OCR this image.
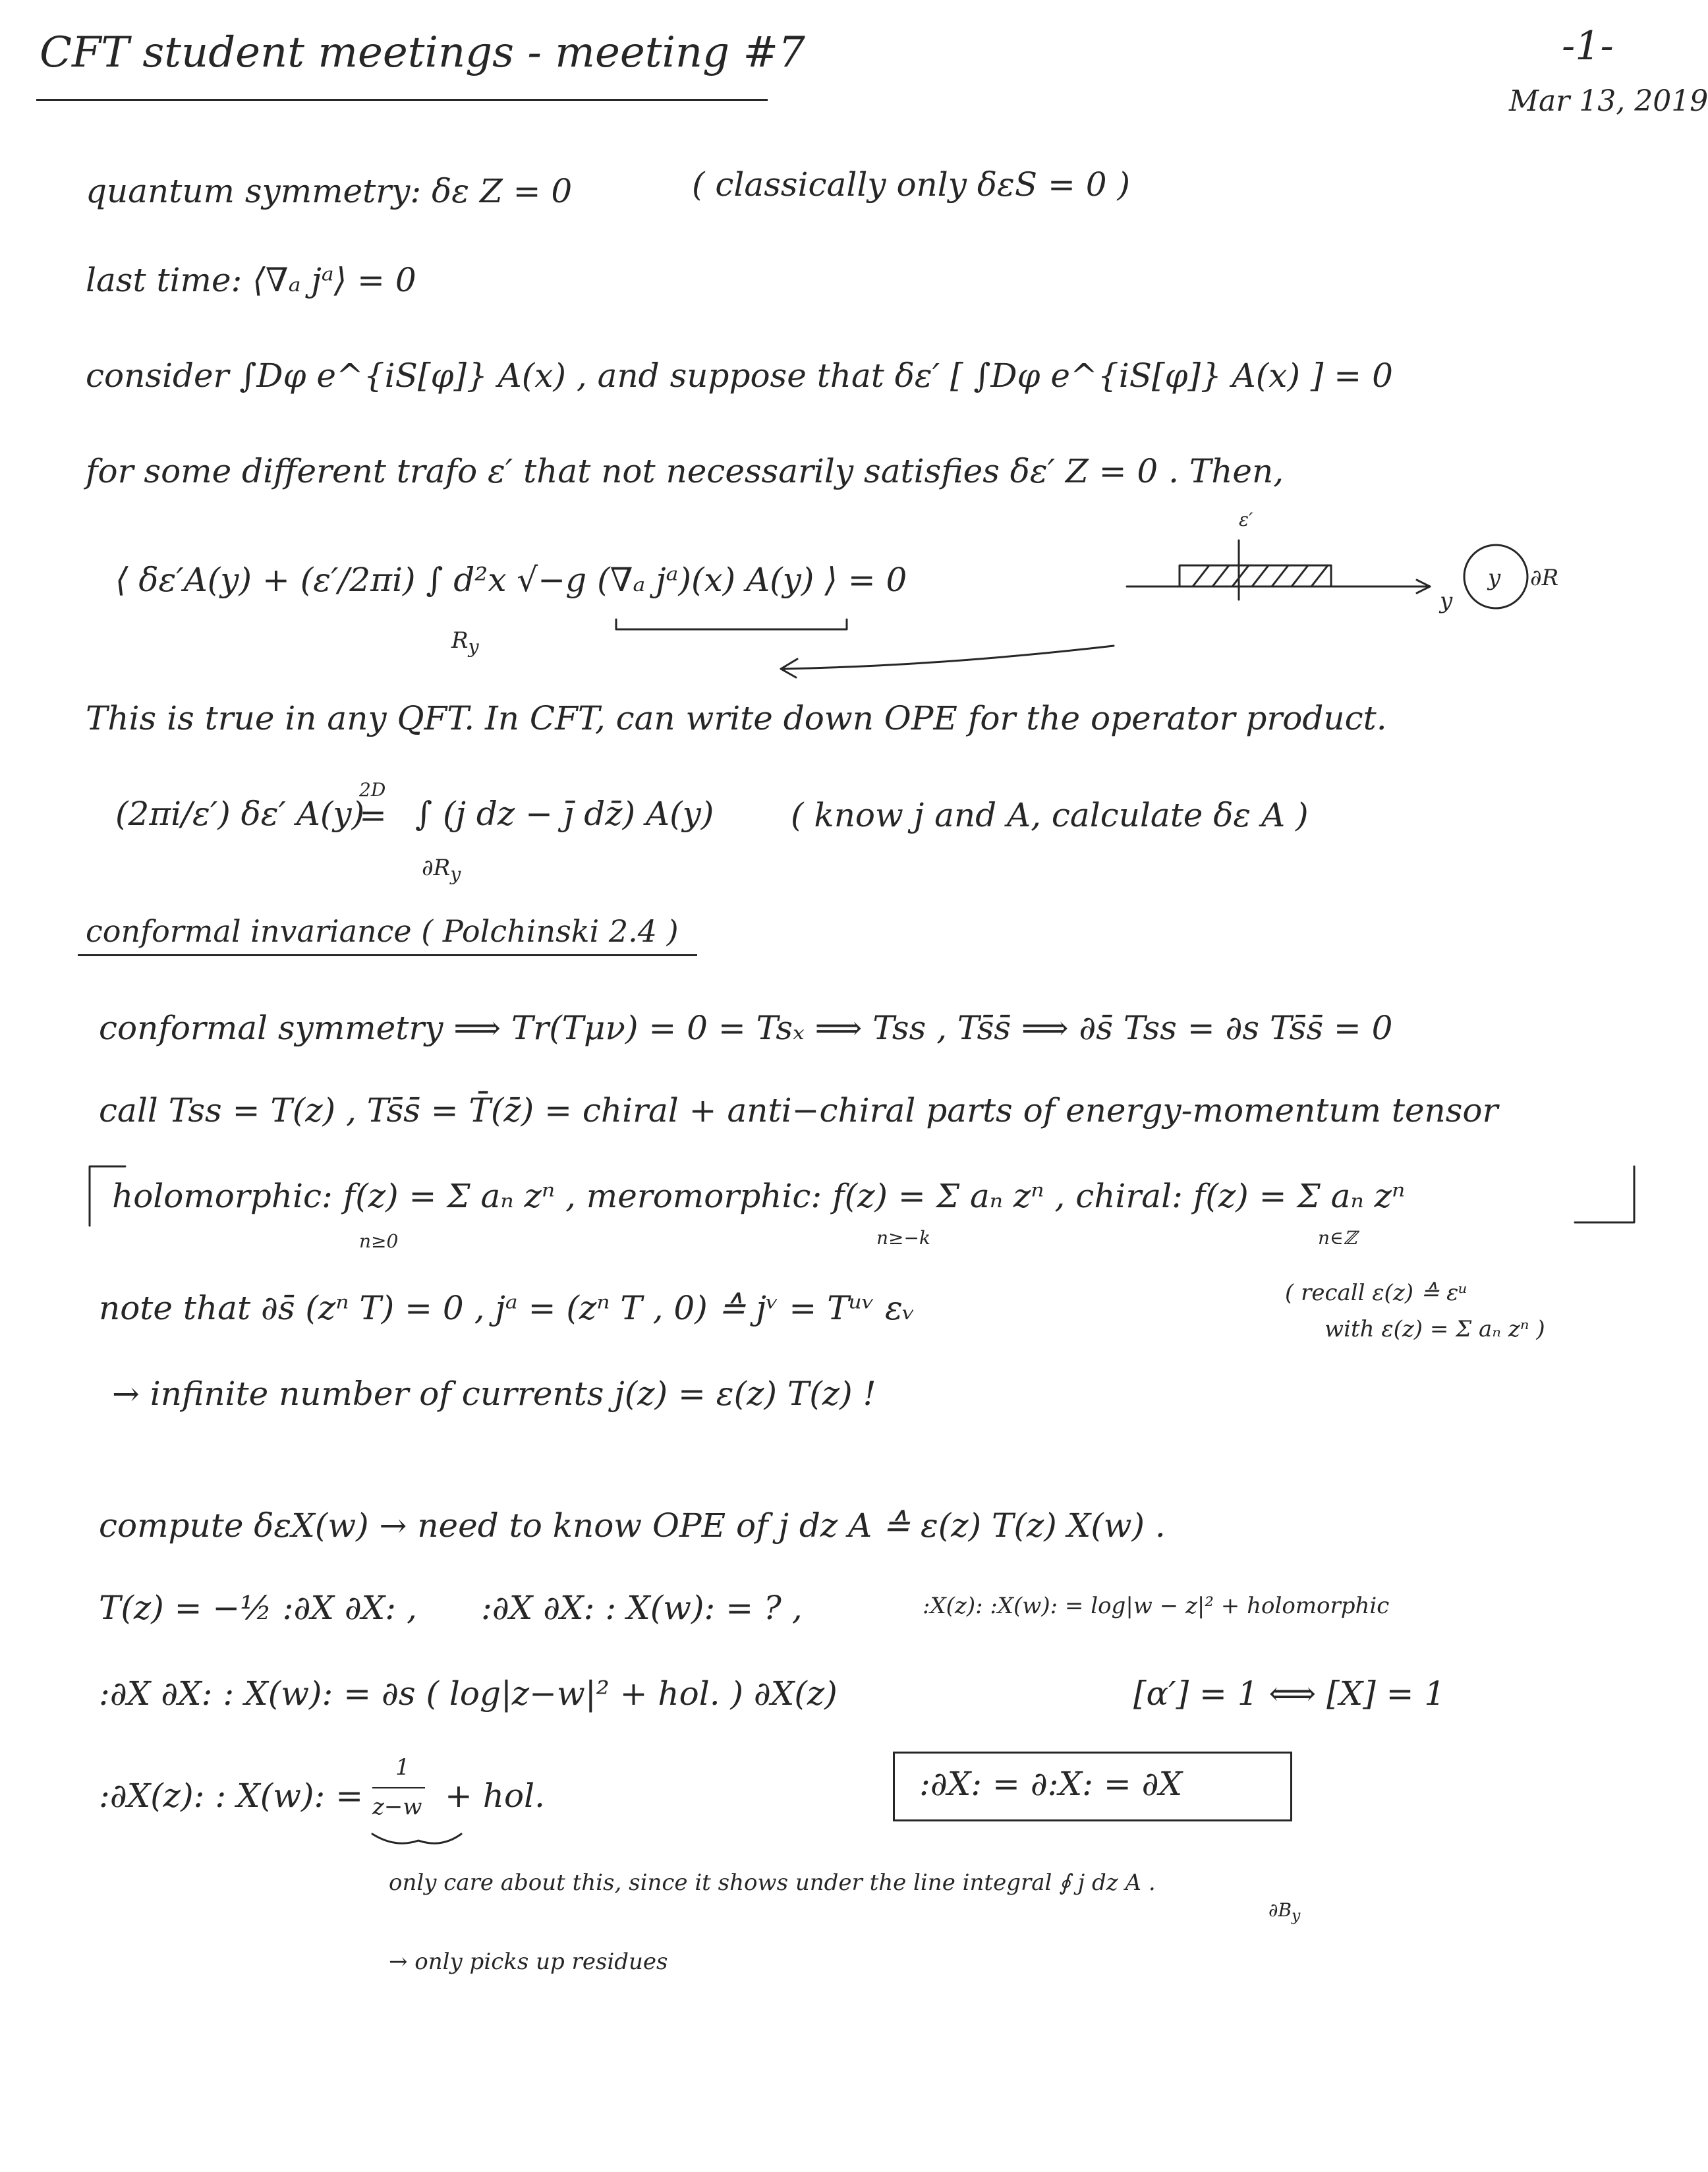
CFT student meetings - meeting #7	-1-
Mar 13, 2019
quantum symmetry: δε Z = 0	( classically only δεS = 0 )
last time: ⟨∇ₐ jᵃ⟩ = 0
consider ∫Dφ e^{iS[φ]} A(x) , and suppose that δε′ [ ∫Dφ e^{iS[φ]} A(x) ] = 0
for some different trafo ε′ that not necessarily satisfies δε′ Z = 0 . Then,
⟨ δε′A(y) + (ε′/2πi) ∫ d²x √−g (∇ₐ jᵃ)(x) A(y) ⟩ = 0
$R_y$
ε′
y
y ∂R
This is true in any QFT. In CFT, can write down OPE for the operator product.
(2πi/ε′) δε′ A(y)
2D
= ∫ (j dz − j̄ dz̄) A(y)
$\partial R_y$
( know j and A, calculate δε A )
conformal invariance ( Polchinski 2.4 )
conformal symmetry ⟹ Tr(Tμν) = 0 = Tsₓ ⟹ Tss , Ts̄s̄ ⟹ ∂s̄ Tss = ∂s Ts̄s̄ = 0
call Tss = T(z) , Ts̄s̄ = T̄(z̄) = chiral + anti−chiral parts of energy-momentum tensor
holomorphic: f(z) = Σ aₙ zⁿ , meromorphic: f(z) = Σ aₙ zⁿ , chiral: f(z) = Σ aₙ zⁿ
n≥0	n≥−k	n∈ℤ
note that ∂s̄ (zⁿ T) = 0 , jᵃ = (zⁿ T , 0) ≙ jᵛ = Tᵘᵛ εᵥ	( recall ε(z) ≙ εᵘ
with ε(z) = Σ aₙ zⁿ )
→ infinite number of currents j(z) = ε(z) T(z) !
compute δεX(w) → need to know OPE of j dz A ≙ ε(z) T(z) X(w) .
T(z) = −½ :∂X ∂X: , :∂X ∂X: : X(w): = ? ,	:X(z): :X(w): = log|w − z|² + holomorphic
:∂X ∂X: : X(w): = ∂s ( log|z−w|² + hol. ) ∂X(z)	[α′] = 1 ⟺ [X] = 1
:∂X: = ∂:X: = ∂X
:∂X(z): : X(w): =
1
z−w + hol.
only care about this, since it shows under the line integral ∮ j dz A .
$\partial B_y$
→ only picks up residues
